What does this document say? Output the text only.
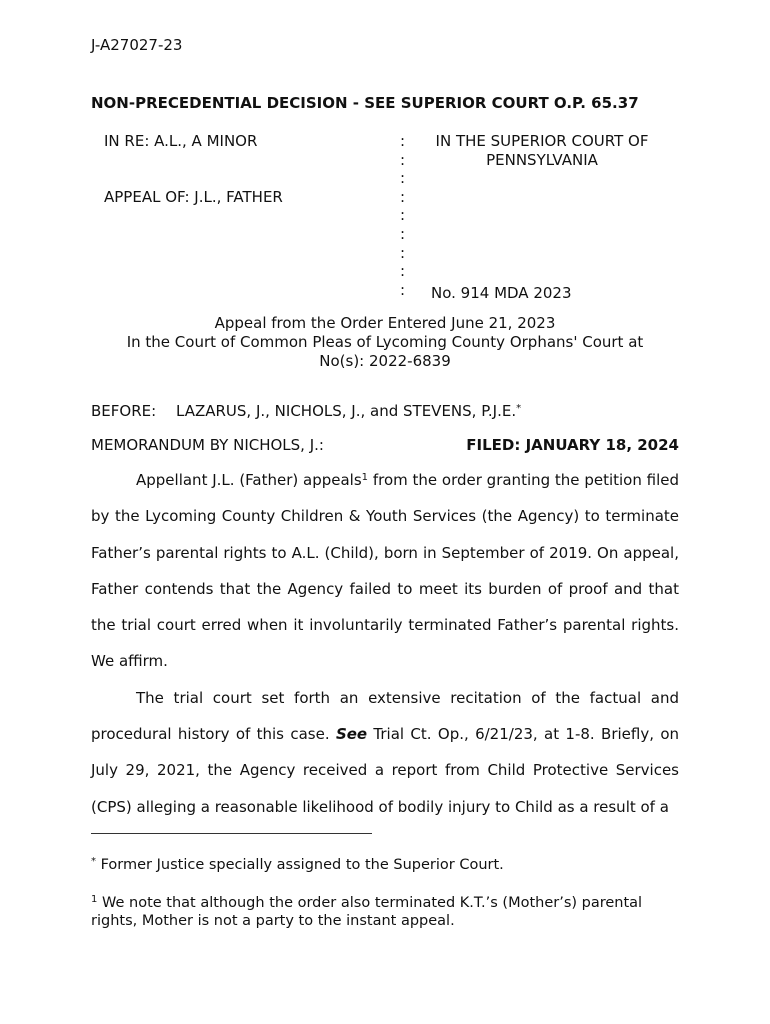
J-A27027-23
NON-PRECEDENTIAL DECISION - SEE SUPERIOR COURT O.P. 65.37
IN RE: A.L., A MINOR
APPEAL OF: J.L., FATHER
:
:
:
:
:
:
:
:
:
IN THE SUPERIOR COURT OF
PENNSYLVANIA
No. 914 MDA 2023
Appeal from the Order Entered June 21, 2023
In the Court of Common Pleas of Lycoming County Orphans' Court at
No(s): 2022-6839
BEFORE: LAZARUS, J., NICHOLS, J., and STEVENS, P.J.E.*
MEMORANDUM BY NICHOLS, J.:	FILED: JANUARY 18, 2024

Appellant J.L. (Father) appeals$^1$ from the order granting the petition filed by the Lycoming County Children & Youth Services (the Agency) to terminate Father’s parental rights to A.L. (Child), born in September of 2019. On appeal, Father contends that the Agency failed to meet its burden of proof and that the trial court erred when it involuntarily terminated Father’s parental rights. We affirm.

The trial court set forth an extensive recitation of the factual and procedural history of this case. See Trial Ct. Op., 6/21/23, at 1-8. Briefly, on July 29, 2021, the Agency received a report from Child Protective Services (CPS) alleging a reasonable likelihood of bodily injury to Child as a result of a

* Former Justice specially assigned to the Superior Court.
$^1$ We note that although the order also terminated K.T.’s (Mother’s) parental rights, Mother is not a party to the instant appeal.
